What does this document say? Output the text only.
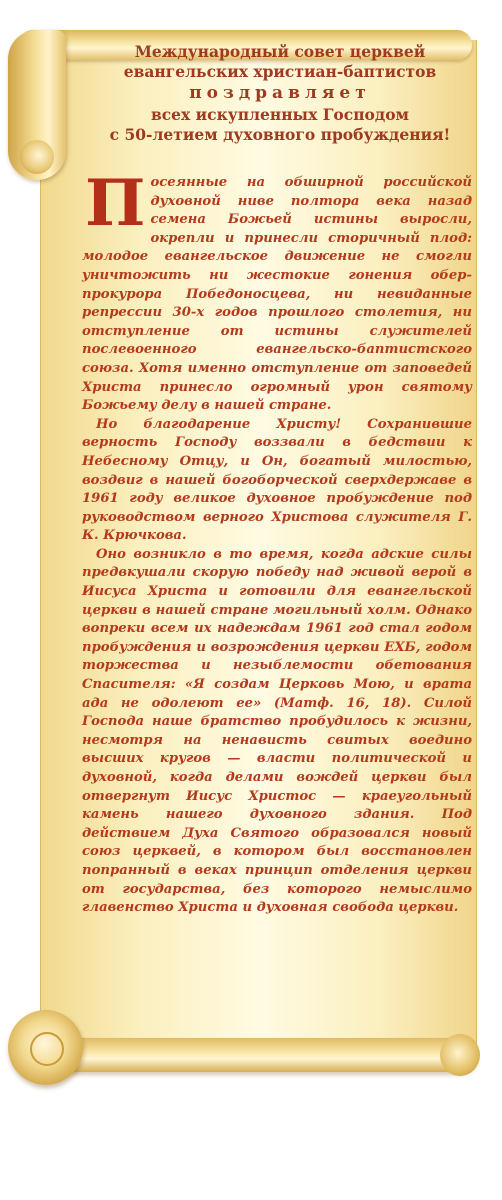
Международный совет церквей
евангельских христиан-баптистов
поздравляет
всех искупленных Господом
с 50-летием духовного пробуждения!

Посеянные на обширной российской духовной ниве полтора века назад семена Божьей истины выросли, окрепли и принесли сторичный плод: молодое евангельское движение не смогли уничтожить ни жестокие гонения обер-прокурора Победоносцева, ни невиданные репрессии 30-х годов прошлого столетия, ни отступление от истины служителей послевоенного евангельско-баптистского союза. Хотя именно отступление от заповедей Христа принесло огромный урон святому Божьему делу в нашей стране.

Но благодарение Христу! Сохранившие верность Господу воззвали в бедствии к Небесному Отцу, и Он, богатый милостью, воздвиг в нашей богоборческой сверхдержаве в 1961 году великое духовное пробуждение под руководством верного Христова служителя Г. К. Крючкова.

Оно возникло в то время, когда адские силы предвкушали скорую победу над живой верой в Иисуса Христа и готовили для евангельской церкви в нашей стране могильный холм. Однако вопреки всем их надеждам 1961 год стал годом пробуждения и возрождения церкви ЕХБ, годом торжества и незыблемости обетования Спасителя: «Я создам Церковь Мою, и врата ада не одолеют ее» (Матф. 16, 18). Силой Господа наше братство пробудилось к жизни, несмотря на ненависть свитых воедино высших кругов — власти политической и духовной, когда делами вождей церкви был отвергнут Иисус Христос — краеугольный камень нашего духовного здания. Под действием Духа Святого образовался новый союз церквей, в котором был восстановлен попранный в веках принцип отделения церкви от государства, без которого немыслимо главенство Христа и духовная свобода церкви.
